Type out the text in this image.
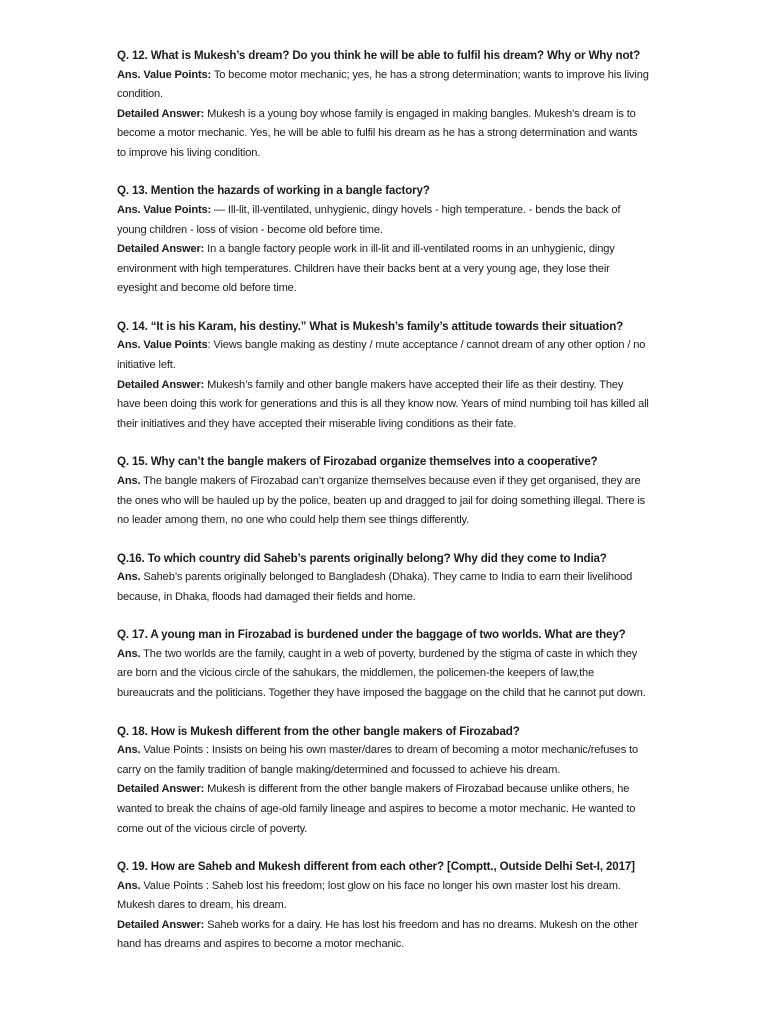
Q. 12. What is Mukesh’s dream? Do you think he will be able to fulfil his dream? Why or Why not?

Ans. Value Points: To become motor mechanic; yes, he has a strong determination; wants to improve his living condition.

Detailed Answer: Mukesh is a young boy whose family is engaged in making bangles. Mukesh’s dream is to become a motor mechanic. Yes, he will be able to fulfil his dream as he has a strong determination and wants to improve his living condition.

Q. 13. Mention the hazards of working in a bangle factory?

Ans. Value Points: — Ill-lit, ill-ventilated, unhygienic, dingy hovels - high temperature. - bends the back of young children - loss of vision - become old before time.

Detailed Answer: In a bangle factory people work in ill-lit and ill-ventilated rooms in an unhygienic, dingy environment with high temperatures. Children have their backs bent at a very young age, they lose their eyesight and become old before time.

Q. 14. “It is his Karam, his destiny.” What is Mukesh’s family’s attitude towards their situation?

Ans. Value Points: Views bangle making as destiny / mute acceptance / cannot dream of any other option / no initiative left.

Detailed Answer: Mukesh’s family and other bangle makers have accepted their life as their destiny. They have been doing this work for generations and this is all they know now. Years of mind numbing toil has killed all their initiatives and they have accepted their miserable living conditions as their fate.

Q. 15. Why can’t the bangle makers of Firozabad organize themselves into a cooperative?

Ans. The bangle makers of Firozabad can’t organize themselves because even if they get organised, they are the ones who will be hauled up by the police, beaten up and dragged to jail for doing something illegal. There is no leader among them, no one who could help them see things differently.

Q.16. To which country did Saheb’s parents originally belong? Why did they come to India?

Ans. Saheb’s parents originally belonged to Bangladesh (Dhaka). They came to India to earn their livelihood because, in Dhaka, floods had damaged their fields and home.

Q. 17. A young man in Firozabad is burdened under the baggage of two worlds. What are they?

Ans. The two worlds are the family, caught in a web of poverty, burdened by the stigma of caste in which they are born and the vicious circle of the sahukars, the middlemen, the policemen-the keepers of law,the bureaucrats and the politicians. Together they have imposed the baggage on the child that he cannot put down.

Q. 18. How is Mukesh different from the other bangle makers of Firozabad?

Ans. Value Points : Insists on being his own master/dares to dream of becoming a motor mechanic/refuses to carry on the family tradition of bangle making/determined and focussed to achieve his dream.

Detailed Answer: Mukesh is different from the other bangle makers of Firozabad because unlike others, he wanted to break the chains of age-old family lineage and aspires to become a motor mechanic. He wanted to come out of the vicious circle of poverty.

Q. 19. How are Saheb and Mukesh different from each other? [Comptt., Outside Delhi Set-I, 2017]

Ans. Value Points : Saheb lost his freedom; lost glow on his face no longer his own master lost his dream. Mukesh dares to dream, his dream.

Detailed Answer: Saheb works for a dairy. He has lost his freedom and has no dreams. Mukesh on the other hand has dreams and aspires to become a motor mechanic.
